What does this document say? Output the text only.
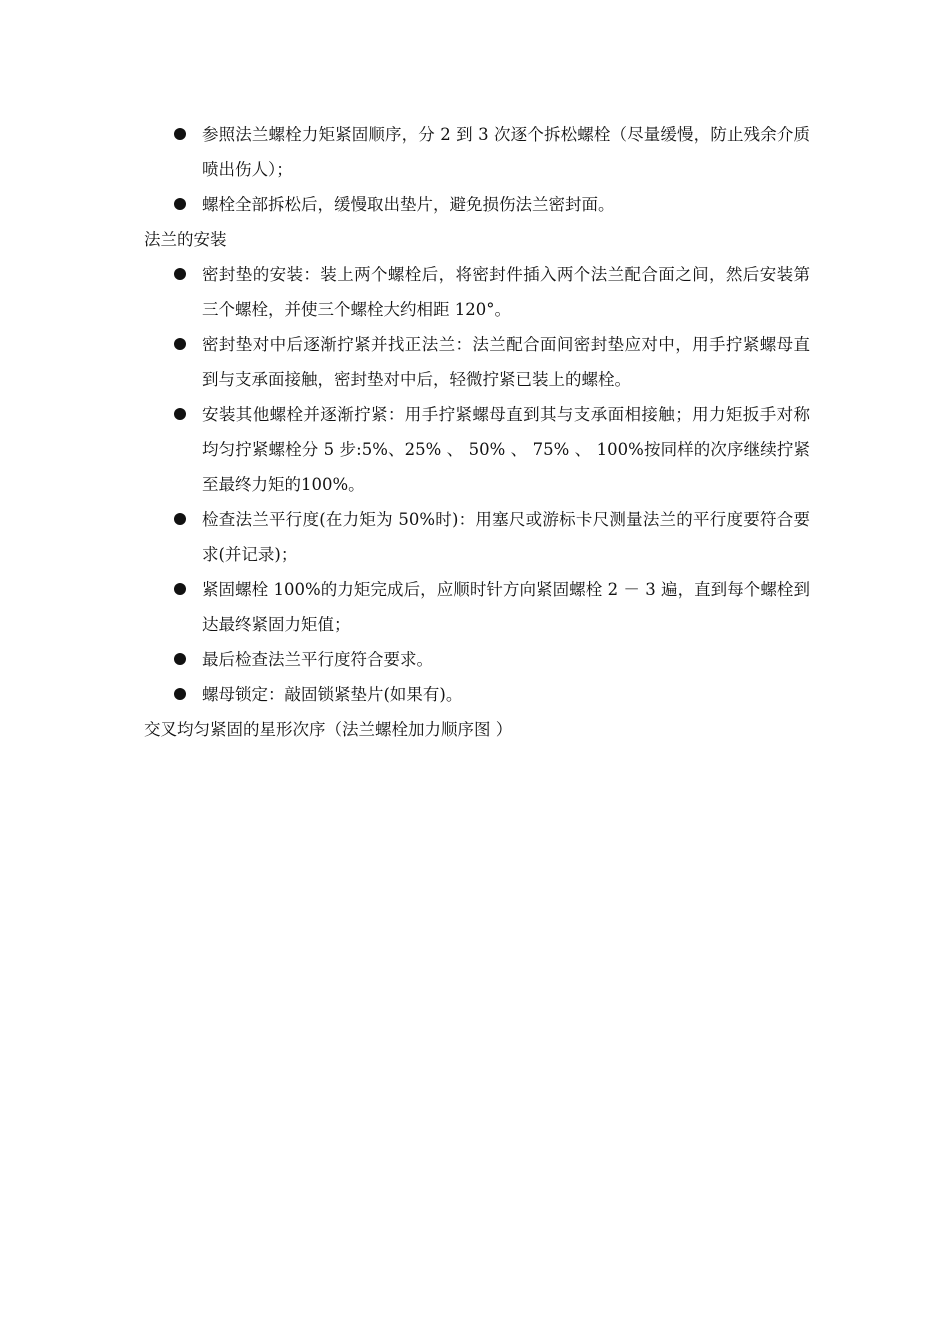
参照法兰螺栓力矩紧固顺序，分 2 到 3 次逐个拆松螺栓（尽量缓慢，防止残余介质喷出伤人）；
螺栓全部拆松后，缓慢取出垫片，避免损伤法兰密封面。

法兰的安装

密封垫的安装：装上两个螺栓后，将密封件插入两个法兰配合面之间，然后安装第三个螺栓，并使三个螺栓大约相距 120°。
密封垫对中后逐渐拧紧并找正法兰：法兰配合面间密封垫应对中，用手拧紧螺母直到与支承面接触，密封垫对中后，轻微拧紧已装上的螺栓。
安装其他螺栓并逐渐拧紧：用手拧紧螺母直到其与支承面相接触；用力矩扳手对称均匀拧紧螺栓分 5 步:5%、25% 、 50% 、 75% 、 100%按同样的次序继续拧紧至最终力矩的100%。
检查法兰平行度(在力矩为 50%时)：用塞尺或游标卡尺测量法兰的平行度要符合要求(并记录)；
紧固螺栓 100%的力矩完成后，应顺时针方向紧固螺栓 2 － 3 遍，直到每个螺栓到达最终紧固力矩值；
最后检查法兰平行度符合要求。
螺母锁定：敲固锁紧垫片(如果有)。

交叉均匀紧固的星形次序（法兰螺栓加力顺序图 ）
